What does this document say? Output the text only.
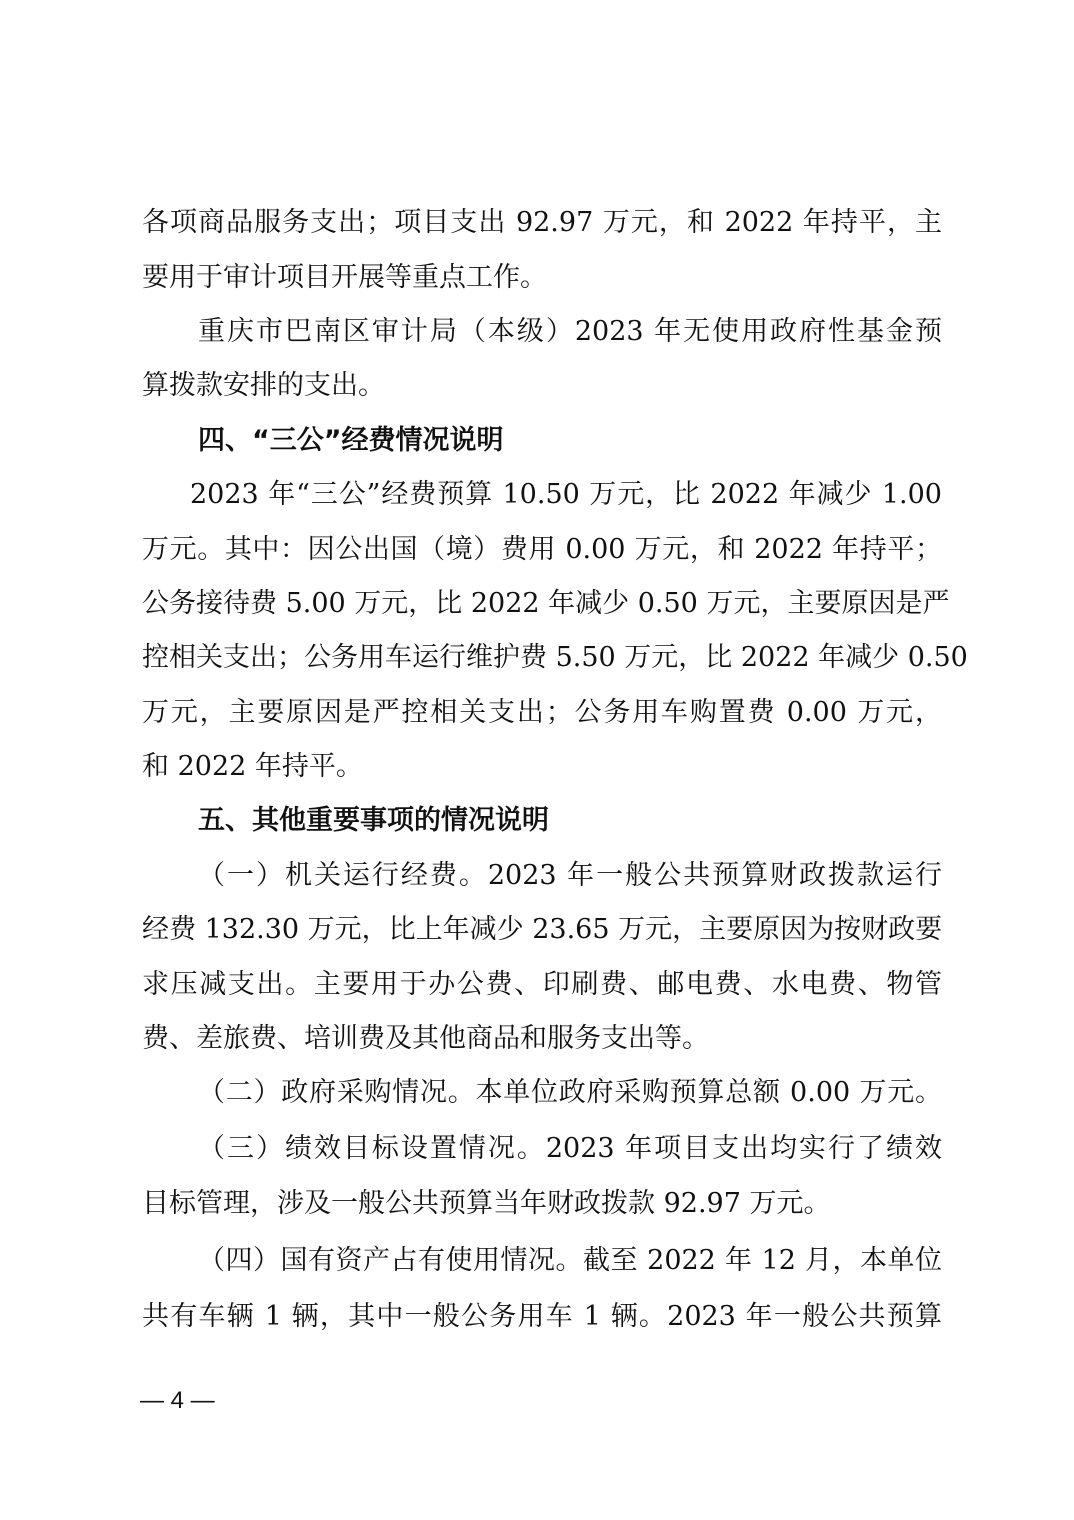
各项商品服务支出；项目支出 92.97 万元，和 2022 年持平，主
要用于审计项目开展等重点工作。
重庆市巴南区审计局（本级）2023 年无使用政府性基金预
算拨款安排的支出。
四、“三公”经费情况说明
2023 年“三公”经费预算 10.50 万元，比 2022 年减少 1.00
万元。其中：因公出国（境）费用 0.00 万元，和 2022 年持平；
公务接待费 5.00 万元，比 2022 年减少 0.50 万元，主要原因是严
控相关支出；公务用车运行维护费 5.50 万元，比 2022 年减少 0.50
万元，主要原因是严控相关支出；公务用车购置费 0.00 万元，
和 2022 年持平。
五、其他重要事项的情况说明
（一）机关运行经费。2023 年一般公共预算财政拨款运行
经费 132.30 万元，比上年减少 23.65 万元，主要原因为按财政要
求压减支出。主要用于办公费、印刷费、邮电费、水电费、物管
费、差旅费、培训费及其他商品和服务支出等。
（二）政府采购情况。本单位政府采购预算总额 0.00 万元。
（三）绩效目标设置情况。2023 年项目支出均实行了绩效
目标管理，涉及一般公共预算当年财政拨款 92.97 万元。
（四）国有资产占有使用情况。截至 2022 年 12 月，本单位
共有车辆 1 辆，其中一般公务用车 1 辆。2023 年一般公共预算
— 4 —
